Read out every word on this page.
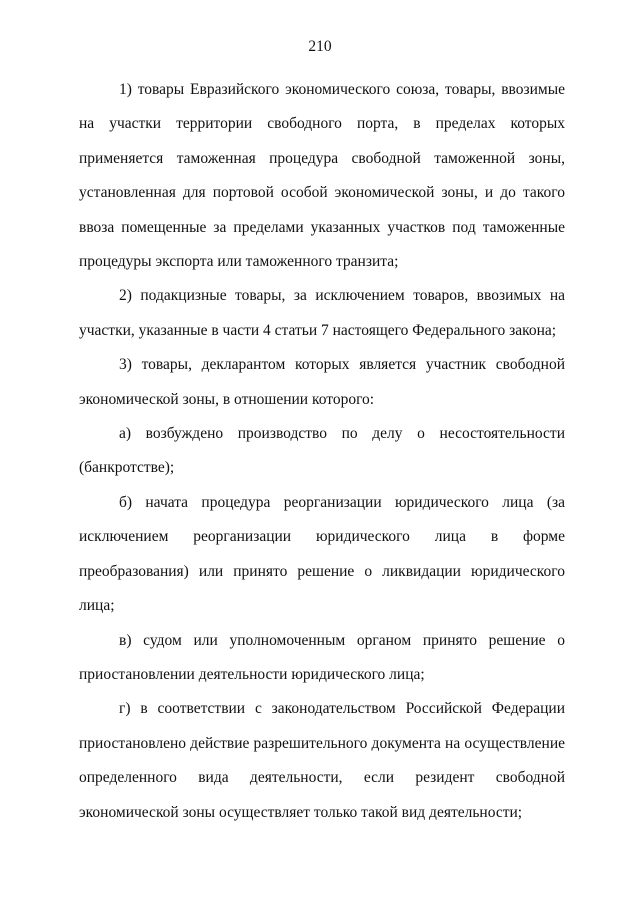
210

1) товары Евразийского экономического союза, товары, ввозимые на участки территории свободного порта, в пределах которых применяется таможенная процедура свободной таможенной зоны, установленная для портовой особой экономической зоны, и до такого ввоза помещенные за пределами указанных участков под таможенные процедуры экспорта или таможенного транзита;

2) подакцизные товары, за исключением товаров, ввозимых на участки, указанные в части 4 статьи 7 настоящего Федерального закона;

3) товары, декларантом которых является участник свободной экономической зоны, в отношении которого:

а) возбуждено производство по делу о несостоятельности (банкротстве);

б) начата процедура реорганизации юридического лица (за исключением реорганизации юридического лица в форме преобразования) или принято решение о ликвидации юридического лица;

в) судом или уполномоченным органом принято решение о приостановлении деятельности юридического лица;

г) в соответствии с законодательством Российской Федерации приостановлено действие разрешительного документа на осуществление определенного вида деятельности, если резидент свободной экономической зоны осуществляет только такой вид деятельности;
